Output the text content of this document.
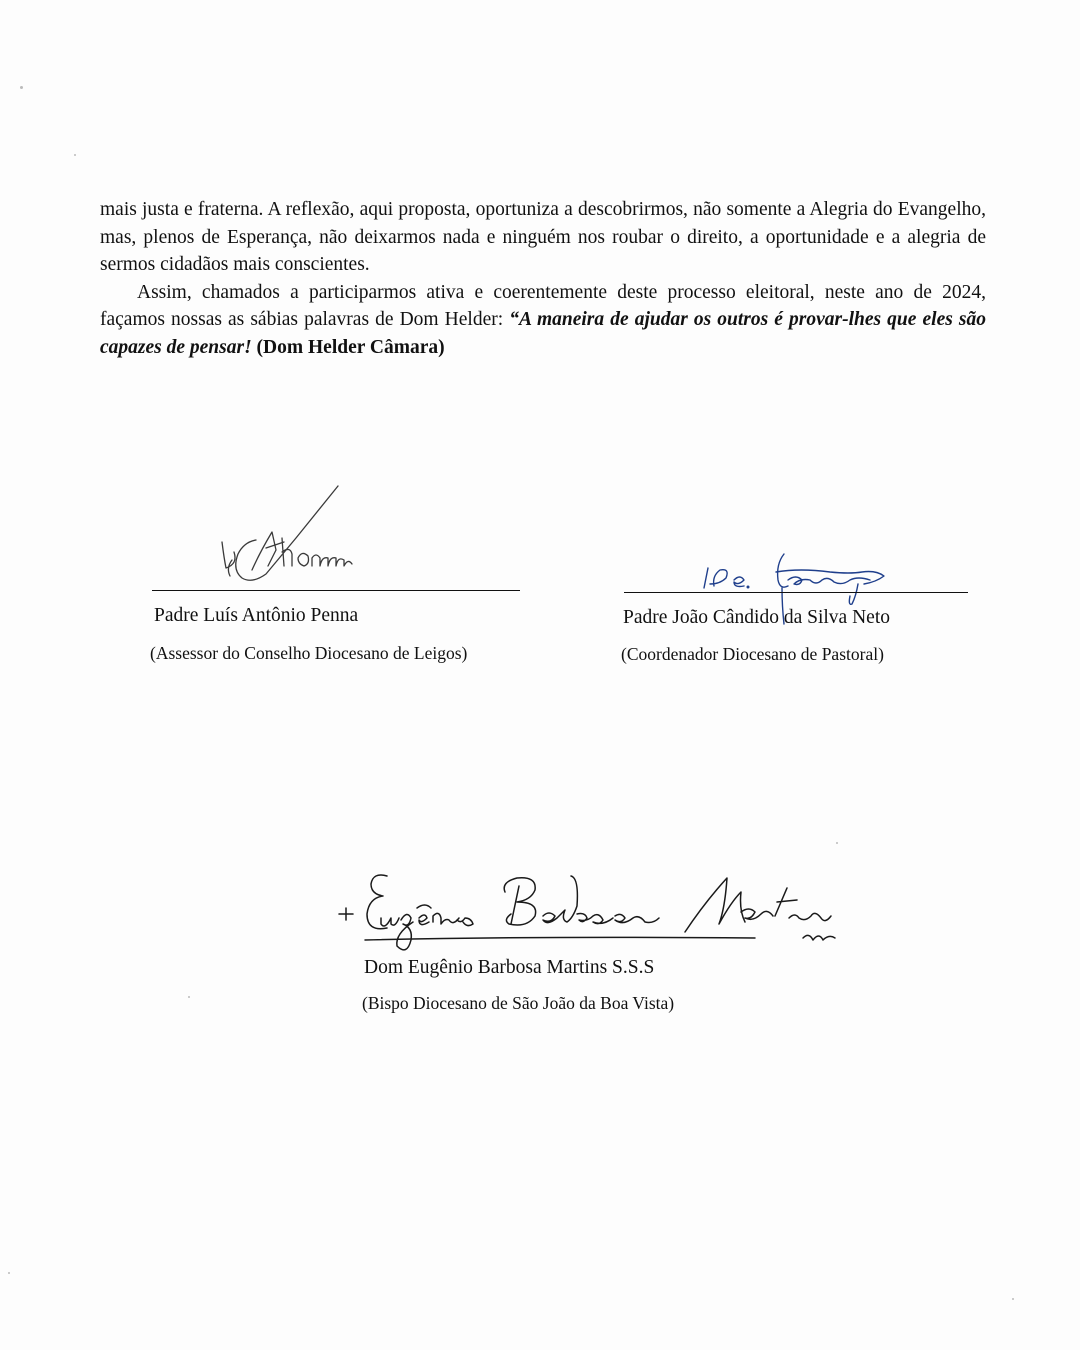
mais justa e fraterna. A reflexão, aqui proposta, oportuniza a descobrirmos, não somente a Alegria do Evangelho, mas, plenos de Esperança, não deixarmos nada e ninguém nos roubar o direito, a oportunidade e a alegria de sermos cidadãos mais conscientes.

Assim, chamados a participarmos ativa e coerentemente deste processo eleitoral, neste ano de 2024, façamos nossas as sábias palavras de Dom Helder: “A maneira de ajudar os outros é provar-lhes que eles são capazes de pensar! (Dom Helder Câmara)

Padre Luís Antônio Penna
(Assessor do Conselho Diocesano de Leigos)
Padre João Cândido da Silva Neto
(Coordenador Diocesano de Pastoral)
Dom Eugênio Barbosa Martins S.S.S
(Bispo Diocesano de São João da Boa Vista)
